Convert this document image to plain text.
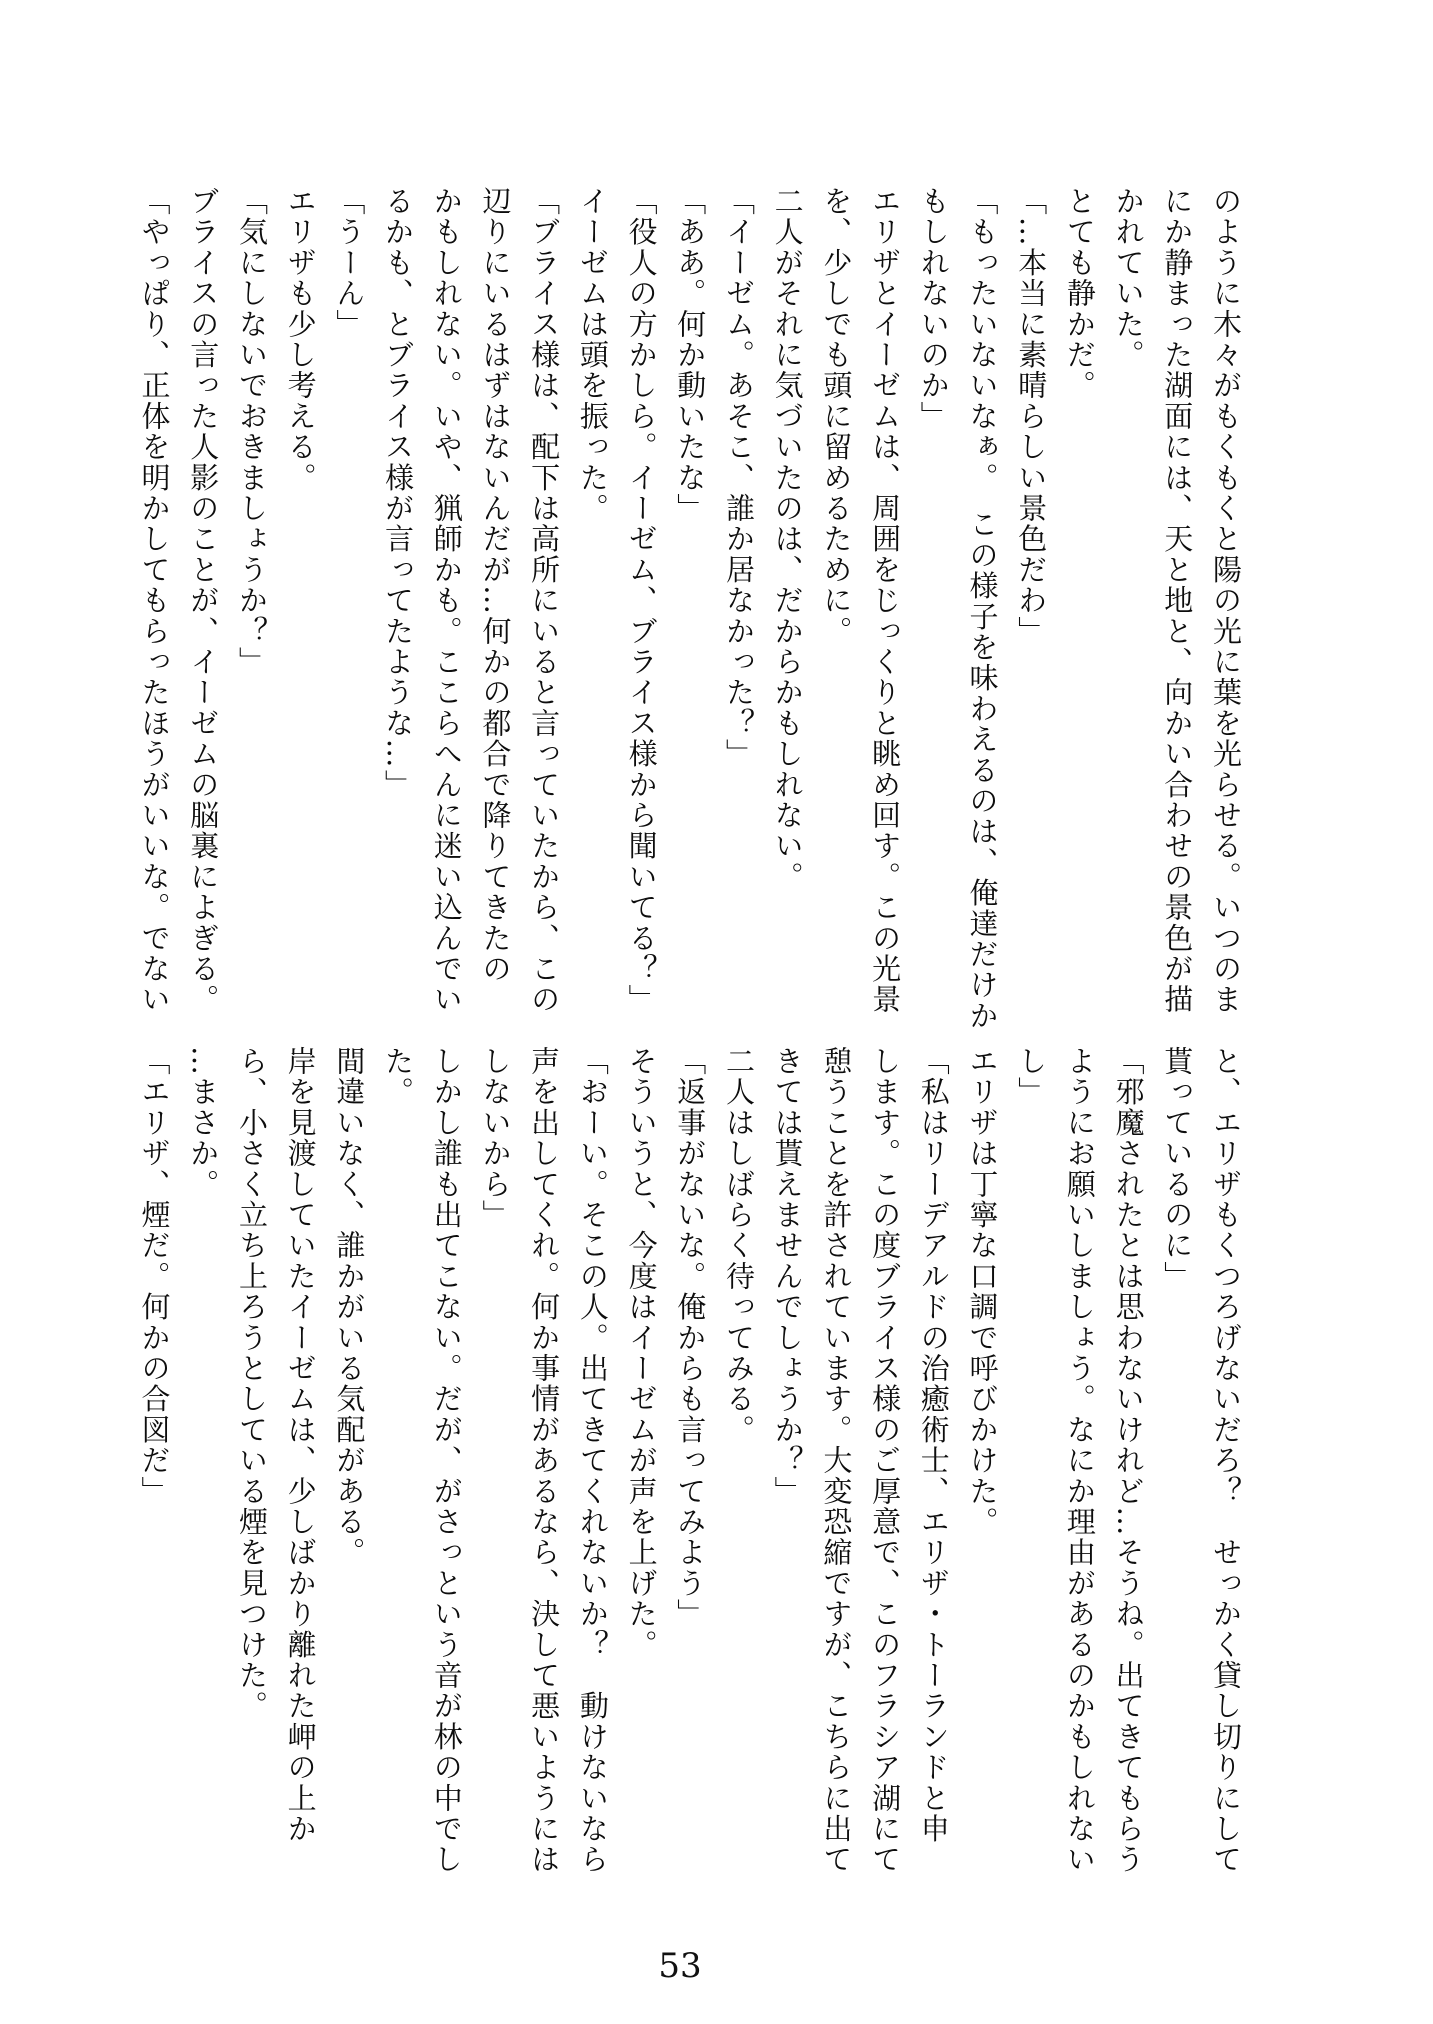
のように木々がもくもくと陽の光に葉を光らせる。いつのま
にか静まった湖面には、天と地と、向かい合わせの景色が描
かれていた。
とても静かだ。
「…本当に素晴らしい景色だわ」
「もったいないなぁ。　この様子を味わえるのは、俺達だけか
もしれないのか」
エリザとイーゼムは、周囲をじっくりと眺め回す。この光景
を、少しでも頭に留めるために。
二人がそれに気づいたのは、だからかもしれない。
「イーゼム。あそこ、誰か居なかった？」
「ああ。何か動いたな」
「役人の方かしら。イーゼム、ブライス様から聞いてる？」
イーゼムは頭を振った。
「ブライス様は、配下は高所にいると言っていたから、この
辺りにいるはずはないんだが…何かの都合で降りてきたの
かもしれない。いや、猟師かも。ここらへんに迷い込んでい
るかも、とブライス様が言ってたような…」
「うーん」
エリザも少し考える。
「気にしないでおきましょうか？」
ブライスの言った人影のことが、イーゼムの脳裏によぎる。
「やっぱり、正体を明かしてもらったほうがいいな。でない
と、エリザもくつろげないだろ？　せっかく貸し切りにして
貰っているのに」
「邪魔されたとは思わないけれど…そうね。出てきてもらう
ようにお願いしましょう。なにか理由があるのかもしれない
し」
エリザは丁寧な口調で呼びかけた。
「私はリーデアルドの治癒術士、エリザ・トーランドと申
します。この度ブライス様のご厚意で、このフラシア湖にて
憩うことを許されています。大変恐縮ですが、こちらに出て
きては貰えませんでしょうか？」
二人はしばらく待ってみる。
「返事がないな。俺からも言ってみよう」
そういうと、今度はイーゼムが声を上げた。
「おーい。そこの人。出てきてくれないか？　動けないなら
声を出してくれ。何か事情があるなら、決して悪いようには
しないから」
しかし誰も出てこない。だが、がさっという音が林の中でし
た。
間違いなく、誰かがいる気配がある。
岸を見渡していたイーゼムは、少しばかり離れた岬の上か
ら、小さく立ち上ろうとしている煙を見つけた。
…まさか。
「エリザ、煙だ。何かの合図だ」
53
